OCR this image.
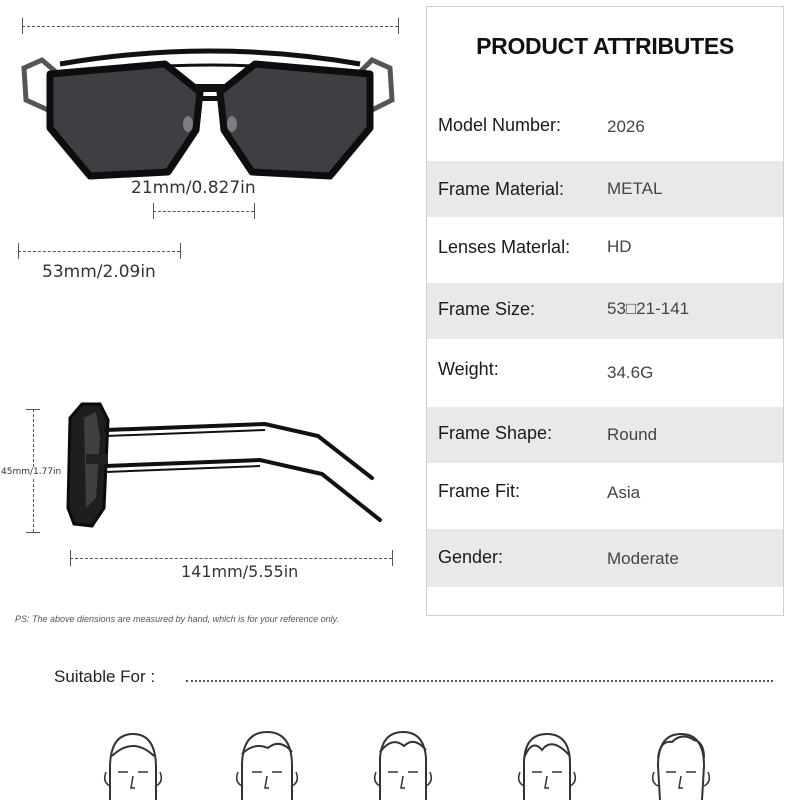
21mm/0.827in
53mm/2.09in
45mm/1.77in
141mm/5.55in
PS: The above diensions are measured by hand, which is for your reference only.
PRODUCT ATTRIBUTES
Model Number:	2026
Frame Material:	METAL
Lenses Materlal: HD
Frame Size:	53□21-141
Weight:	34.6G
Frame Shape:	Round
Frame Fit:	Asia
Gender:	Moderate
Suitable For :
